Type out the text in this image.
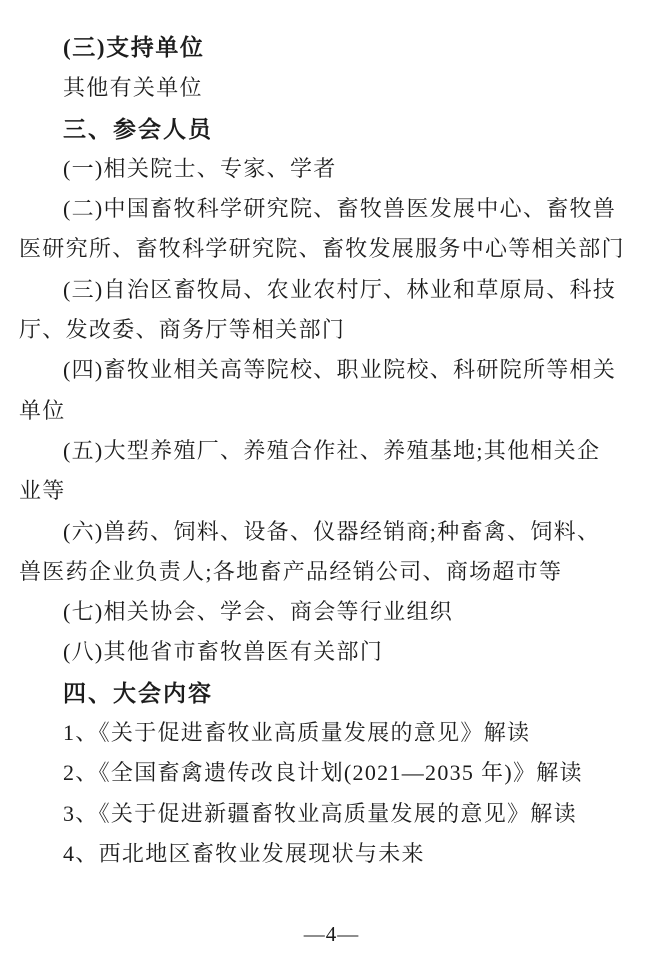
(三)支持单位
其他有关单位
三、参会人员
(一)相关院士、专家、学者
(二)中国畜牧科学研究院、畜牧兽医发展中心、畜牧兽
医研究所、畜牧科学研究院、畜牧发展服务中心等相关部门
(三)自治区畜牧局、农业农村厅、林业和草原局、科技
厅、发改委、商务厅等相关部门
(四)畜牧业相关高等院校、职业院校、科研院所等相关
单位
(五)大型养殖厂、养殖合作社、养殖基地;其他相关企
业等
(六)兽药、饲料、设备、仪器经销商;种畜禽、饲料、
兽医药企业负责人;各地畜产品经销公司、商场超市等
(七)相关协会、学会、商会等行业组织
(八)其他省市畜牧兽医有关部门
四、大会内容
1、《关于促进畜牧业高质量发展的意见》解读
2、《全国畜禽遗传改良计划(2021—2035 年)》解读
3、《关于促进新疆畜牧业高质量发展的意见》解读
4、西北地区畜牧业发展现状与未来
—4—
